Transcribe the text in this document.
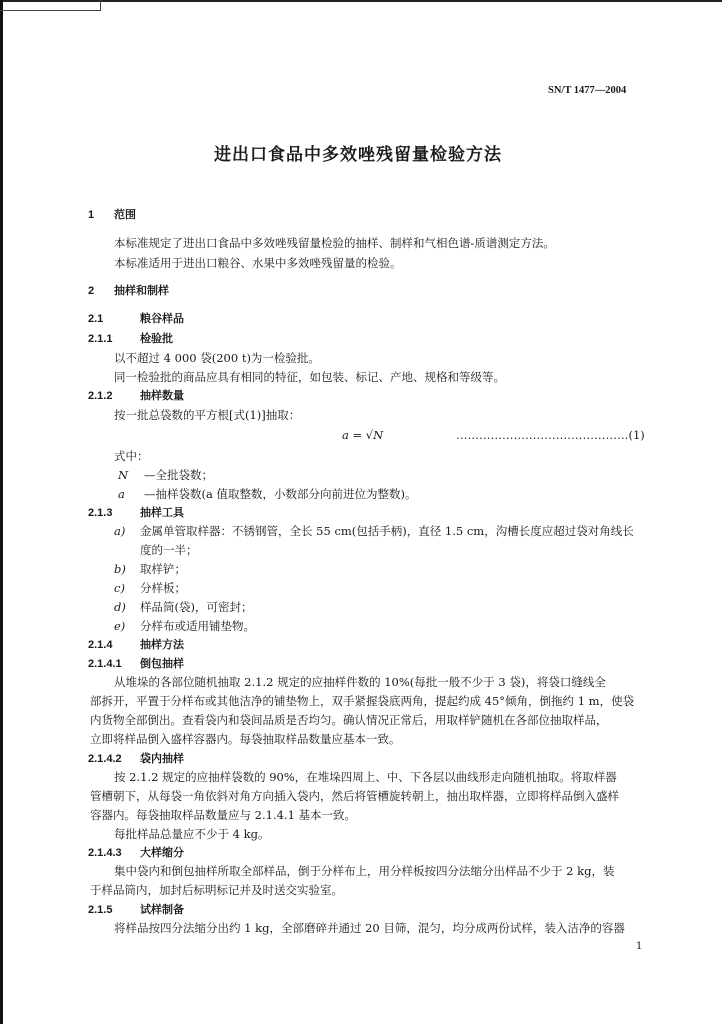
SN/T 1477—2004
进出口食品中多效唑残留量检验方法
1 范围
本标准规定了进出口食品中多效唑残留量检验的抽样、制样和气相色谱-质谱测定方法。
本标准适用于进出口粮谷、水果中多效唑残留量的检验。
2 抽样和制样
2.1	粮谷样品
2.1.1	检验批
以不超过 4 000 袋(200 t)为一检验批。
同一检验批的商品应具有相同的特征，如包装、标记、产地、规格和等级等。
2.1.2	抽样数量
按一批总袋数的平方根[式(1)]抽取：
a = √N	………………………………………(1)
式中：
N —全批袋数；
a —抽样袋数(a 值取整数，小数部分向前进位为整数)。
2.1.3	抽样工具
a) 金属单管取样器：不锈钢管，全长 55 cm(包括手柄)，直径 1.5 cm，沟槽长度应超过袋对角线长
度的一半；
b) 取样铲；
c) 分样板；
d) 样品筒(袋)，可密封；
e) 分样布或适用铺垫物。
2.1.4	抽样方法
2.1.4.1 倒包抽样
从堆垛的各部位随机抽取 2.1.2 规定的应抽样件数的 10%(每批一般不少于 3 袋)，将袋口缝线全
部拆开，平置于分样布或其他洁净的铺垫物上，双手紧握袋底两角，提起约成 45°倾角，倒拖约 1 m，使袋
内货物全部倒出。查看袋内和袋间品质是否均匀。确认情况正常后，用取样铲随机在各部位抽取样品，
立即将样品倒入盛样容器内。每袋抽取样品数量应基本一致。
2.1.4.2 袋内抽样
按 2.1.2 规定的应抽样袋数的 90%，在堆垛四周上、中、下各层以曲线形走向随机抽取。将取样器
管槽朝下，从每袋一角依斜对角方向插入袋内，然后将管槽旋转朝上，抽出取样器，立即将样品倒入盛样
容器内。每袋抽取样品数量应与 2.1.4.1 基本一致。
每批样品总量应不少于 4 kg。
2.1.4.3 大样缩分
集中袋内和倒包抽样所取全部样品，倒于分样布上，用分样板按四分法缩分出样品不少于 2 kg，装
于样品筒内，加封后标明标记并及时送交实验室。
2.1.5	试样制备
将样品按四分法缩分出约 1 kg，全部磨碎并通过 20 目筛，混匀，均分成两份试样，装入洁净的容器
1
